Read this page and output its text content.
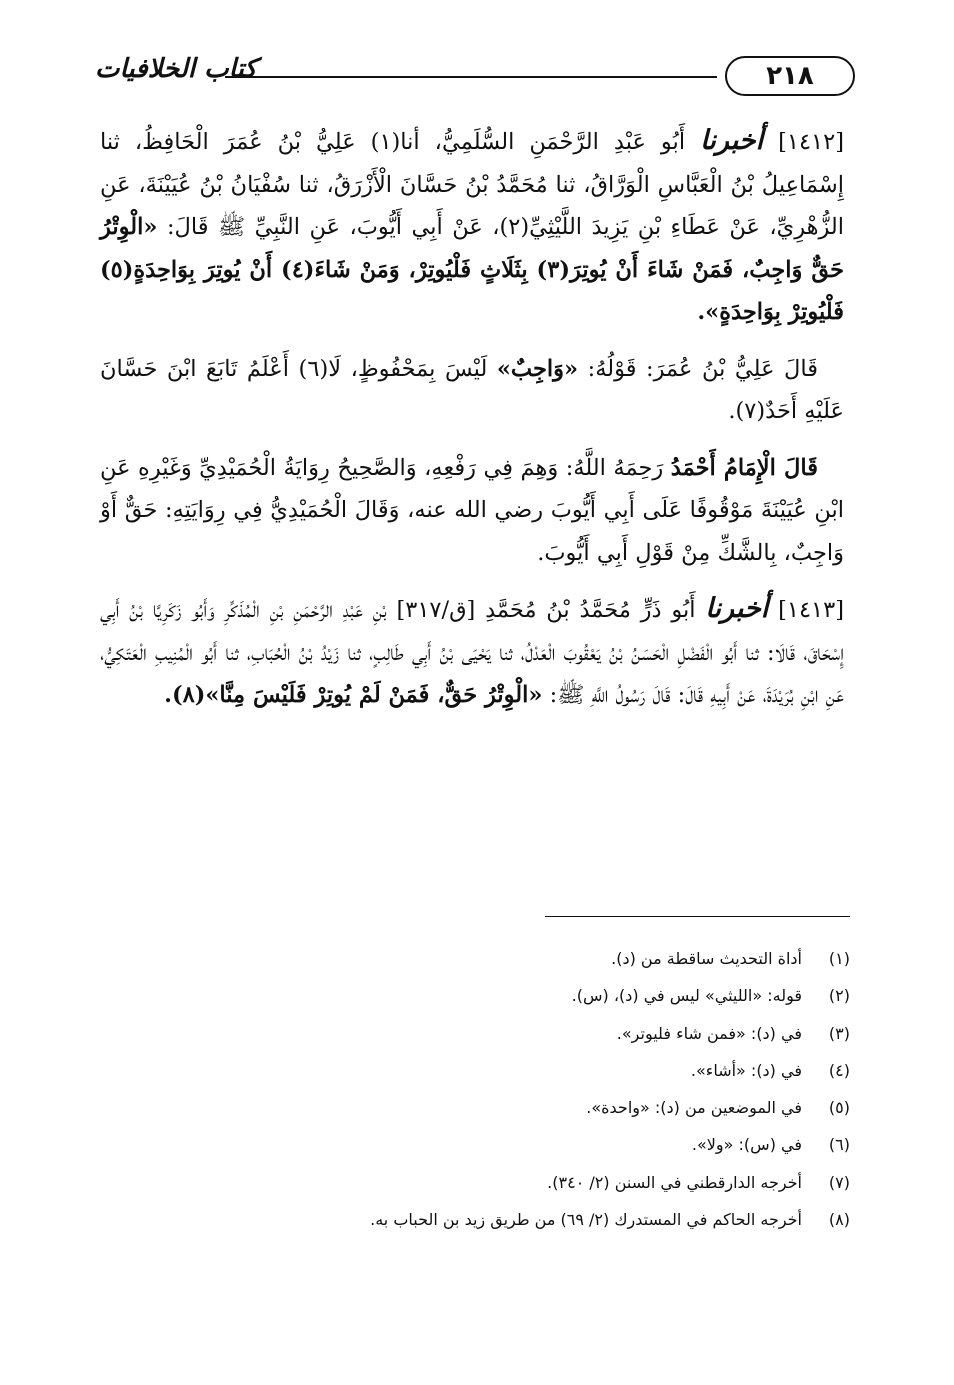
كتاب الخلافيات	٢١٨

[١٤١٢] أخبرنا أَبُو عَبْدِ الرَّحْمَنِ السُّلَمِيُّ، أنا(١) عَلِيُّ بْنُ عُمَرَ الْحَافِظُ، ثنا إِسْمَاعِيلُ بْنُ الْعَبَّاسِ الْوَرَّاقُ، ثنا مُحَمَّدُ بْنُ حَسَّانَ الْأَزْرَقُ، ثنا سُفْيَانُ بْنُ عُيَيْنَةَ، عَنِ الزُّهْرِيِّ، عَنْ عَطَاءِ بْنِ يَزِيدَ اللَّيْثِيِّ(٢)، عَنْ أَبِي أَيُّوبَ، عَنِ النَّبِيِّ ﷺ قَالَ: «الْوِتْرُ حَقٌّ وَاجِبٌ، فَمَنْ شَاءَ أَنْ يُوتِرَ(٣) بِثَلَاثٍ فَلْيُوتِرْ، وَمَنْ شَاءَ(٤) أَنْ يُوتِرَ بِوَاحِدَةٍ(٥) فَلْيُوتِرْ بِوَاحِدَةٍ».

قَالَ عَلِيُّ بْنُ عُمَرَ: قَوْلُهُ: «وَاجِبٌ» لَيْسَ بِمَحْفُوظٍ، لَا(٦) أَعْلَمُ تَابَعَ ابْنَ حَسَّانَ عَلَيْهِ أَحَدٌ(٧).

قَالَ الْإِمَامُ أَحْمَدُ رَحِمَهُ اللَّهُ: وَهِمَ فِي رَفْعِهِ، وَالصَّحِيحُ رِوَايَةُ الْحُمَيْدِيِّ وَغَيْرِهِ عَنِ ابْنِ عُيَيْنَةَ مَوْقُوفًا عَلَى أَبِي أَيُّوبَ رضي الله عنه، وَقَالَ الْحُمَيْدِيُّ فِي رِوَايَتِهِ: حَقٌّ أَوْ وَاجِبٌ، بِالشَّكِّ مِنْ قَوْلِ أَبِي أَيُّوبَ.

[١٤١٣] أخبرنا أَبُو ذَرٍّ مُحَمَّدُ بْنُ مُحَمَّدِ [ق/٣١٧] بْنِ عَبْدِ الرَّحْمَنِ بْنِ الْمُذَكِّرِ وَأَبُو زَكَرِيَّا بْنُ أَبِي إِسْحَاقَ، قَالَا: ثنا أَبُو الْفَضْلِ الْحَسَنُ بْنُ يَعْقُوبَ الْعَدْلُ، ثنا يَحْيَى بْنُ أَبِي طَالِبٍ، ثنا زَيْدُ بْنُ الْحُبَابِ، ثنا أَبُو الْمُنِيبِ الْعَتَكِيُّ، عَنِ ابْنِ بُرَيْدَةَ، عَنْ أَبِيهِ قَالَ: قَالَ رَسُولُ اللَّهِ ﷺ: «الْوِتْرُ حَقٌّ، فَمَنْ لَمْ يُوتِرْ فَلَيْسَ مِنَّا»(٨).

(١)أداة التحديث ساقطة من (د).
(٢)قوله: «الليثي» ليس في (د)، (س).
(٣)في (د): «فمن شاء فليوتر».
(٤)في (د): «أشاء».
(٥)في الموضعين من (د): «واحدة».
(٦)في (س): «ولا».
(٧)أخرجه الدارقطني في السنن (٢/ ٣٤٠).
(٨)أخرجه الحاكم في المستدرك (٢/ ٦٩) من طريق زيد بن الحباب به.
